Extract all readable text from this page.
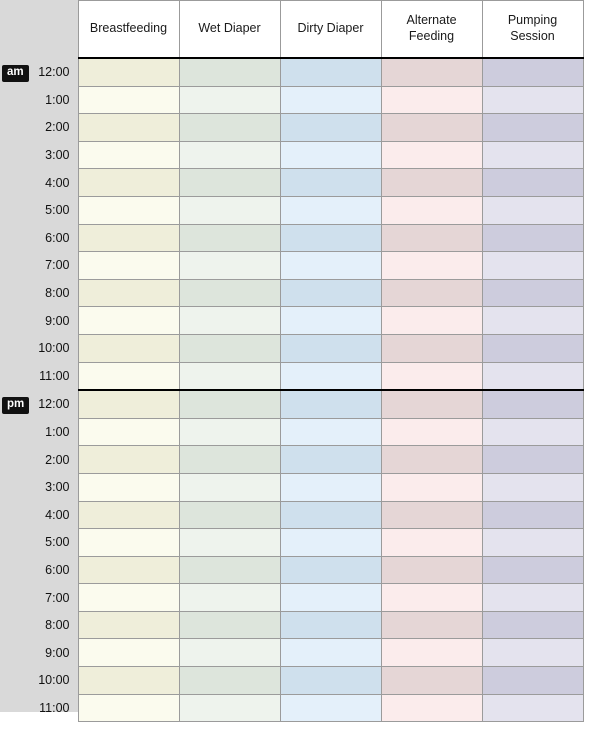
		Breastfeeding	Wet Diaper	Dirty Diaper	Alternate Feeding	Pumping Session
am	12:00					
	1:00					
	2:00					
	3:00					
	4:00					
	5:00					
	6:00					
	7:00					
	8:00					
	9:00					
	10:00					
	11:00					
pm	12:00					
	1:00					
	2:00					
	3:00					
	4:00					
	5:00					
	6:00					
	7:00					
	8:00					
	9:00					
	10:00					
	11:00					
